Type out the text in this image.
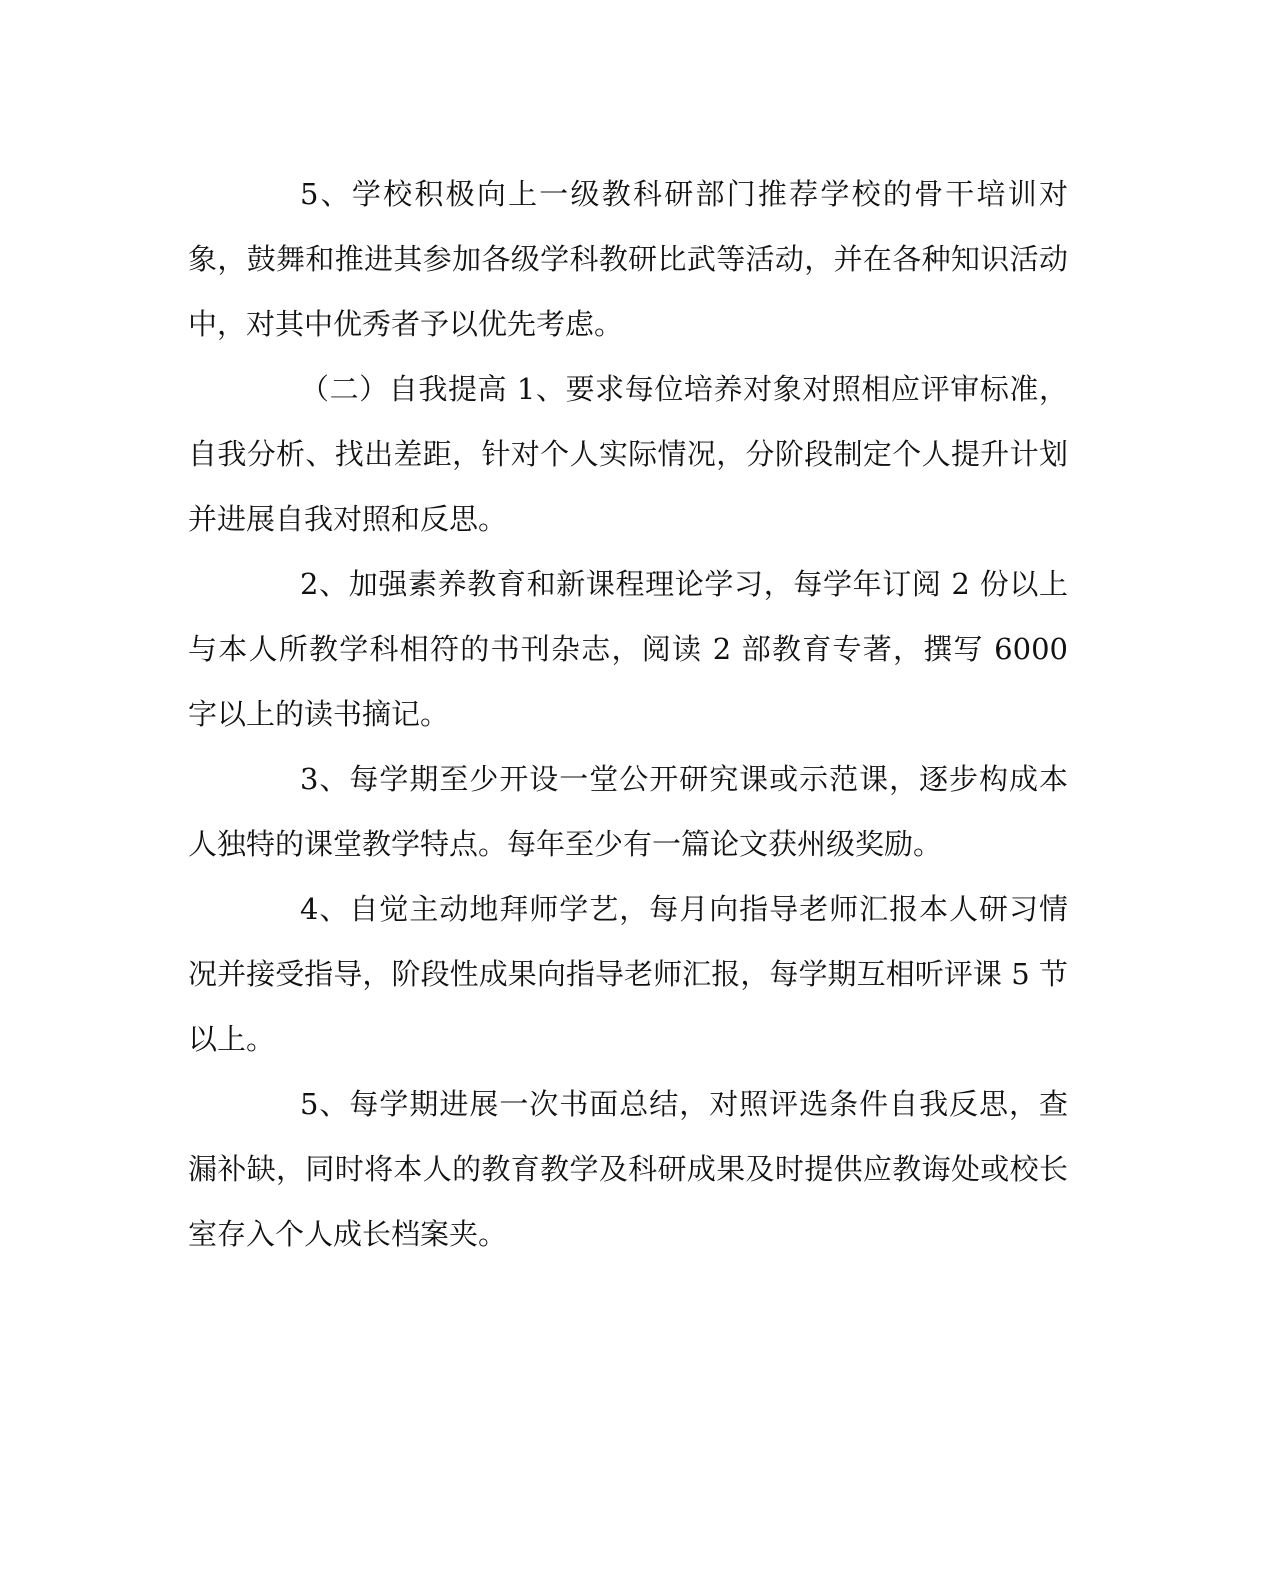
5、学校积极向上一级教科研部门推荐学校的骨干培训对象，鼓舞和推进其参加各级学科教研比武等活动，并在各种知识活动中，对其中优秀者予以优先考虑。

（二）自我提高 1、要求每位培养对象对照相应评审标准，自我分析、找出差距，针对个人实际情况，分阶段制定个人提升计划并进展自我对照和反思。

2、加强素养教育和新课程理论学习，每学年订阅 2 份以上与本人所教学科相符的书刊杂志，阅读 2 部教育专著，撰写 6000 字以上的读书摘记。

3、每学期至少开设一堂公开研究课或示范课，逐步构成本人独特的课堂教学特点。每年至少有一篇论文获州级奖励。

4、自觉主动地拜师学艺，每月向指导老师汇报本人研习情况并接受指导，阶段性成果向指导老师汇报，每学期互相听评课 5 节以上。

5、每学期进展一次书面总结，对照评选条件自我反思，查漏补缺，同时将本人的教育教学及科研成果及时提供应教诲处或校长室存入个人成长档案夹。
